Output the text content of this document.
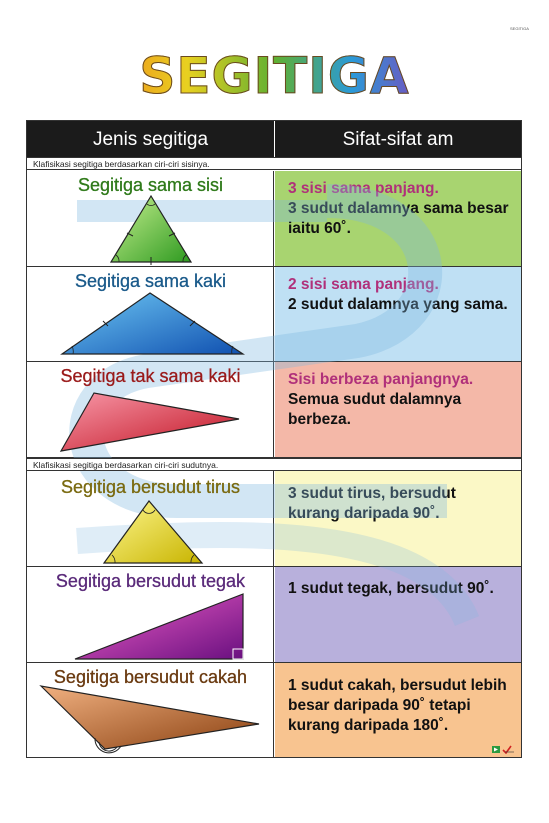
SEGITIGA
SEGITIGA
3 sisi sama panjang.
3 sudut dalamnya sama besar iaitu 60˚.
2 sisi sama panjang.
2 sudut dalamnya yang sama.
Sisi berbeza panjangnya.
Semua sudut dalamnya berbeza.
3 sudut tirus, bersudut kurang daripada 90˚.
1 sudut tegak, bersudut 90˚.
1 sudut cakah, bersudut lebih besar daripada 90˚ tetapi kurang daripada 180˚.
Jenis segitiga	Sifat-sifat am
Klafisikasi segitiga berdasarkan ciri-ciri sisinya.
Klafisikasi segitiga berdasarkan ciri-ciri sudutnya.
Segitiga sama sisi
Segitiga sama kaki
Segitiga tak sama kaki
Segitiga bersudut tirus
Segitiga bersudut tegak
Segitiga bersudut cakah
